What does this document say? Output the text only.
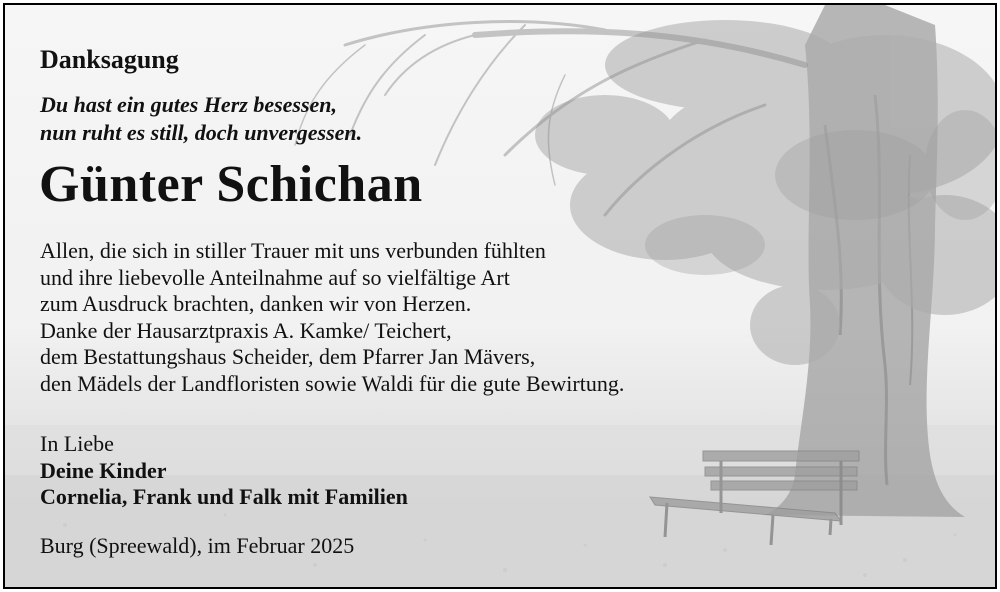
Danksagung
Du hast ein gutes Herz besessen,
nun ruht es still, doch unvergessen.
Günter Schichan
Allen, die sich in stiller Trauer mit uns verbunden fühlten
und ihre liebevolle Anteilnahme auf so vielfältige Art
zum Ausdruck brachten, danken wir von Herzen.
Danke der Hausarztpraxis A. Kamke/ Teichert,
dem Bestattungshaus Scheider, dem Pfarrer Jan Mävers,
den Mädels der Landfloristen sowie Waldi für die gute Bewirtung.
In Liebe
Deine Kinder
Cornelia, Frank und Falk mit Familien
Burg (Spreewald), im Februar 2025
